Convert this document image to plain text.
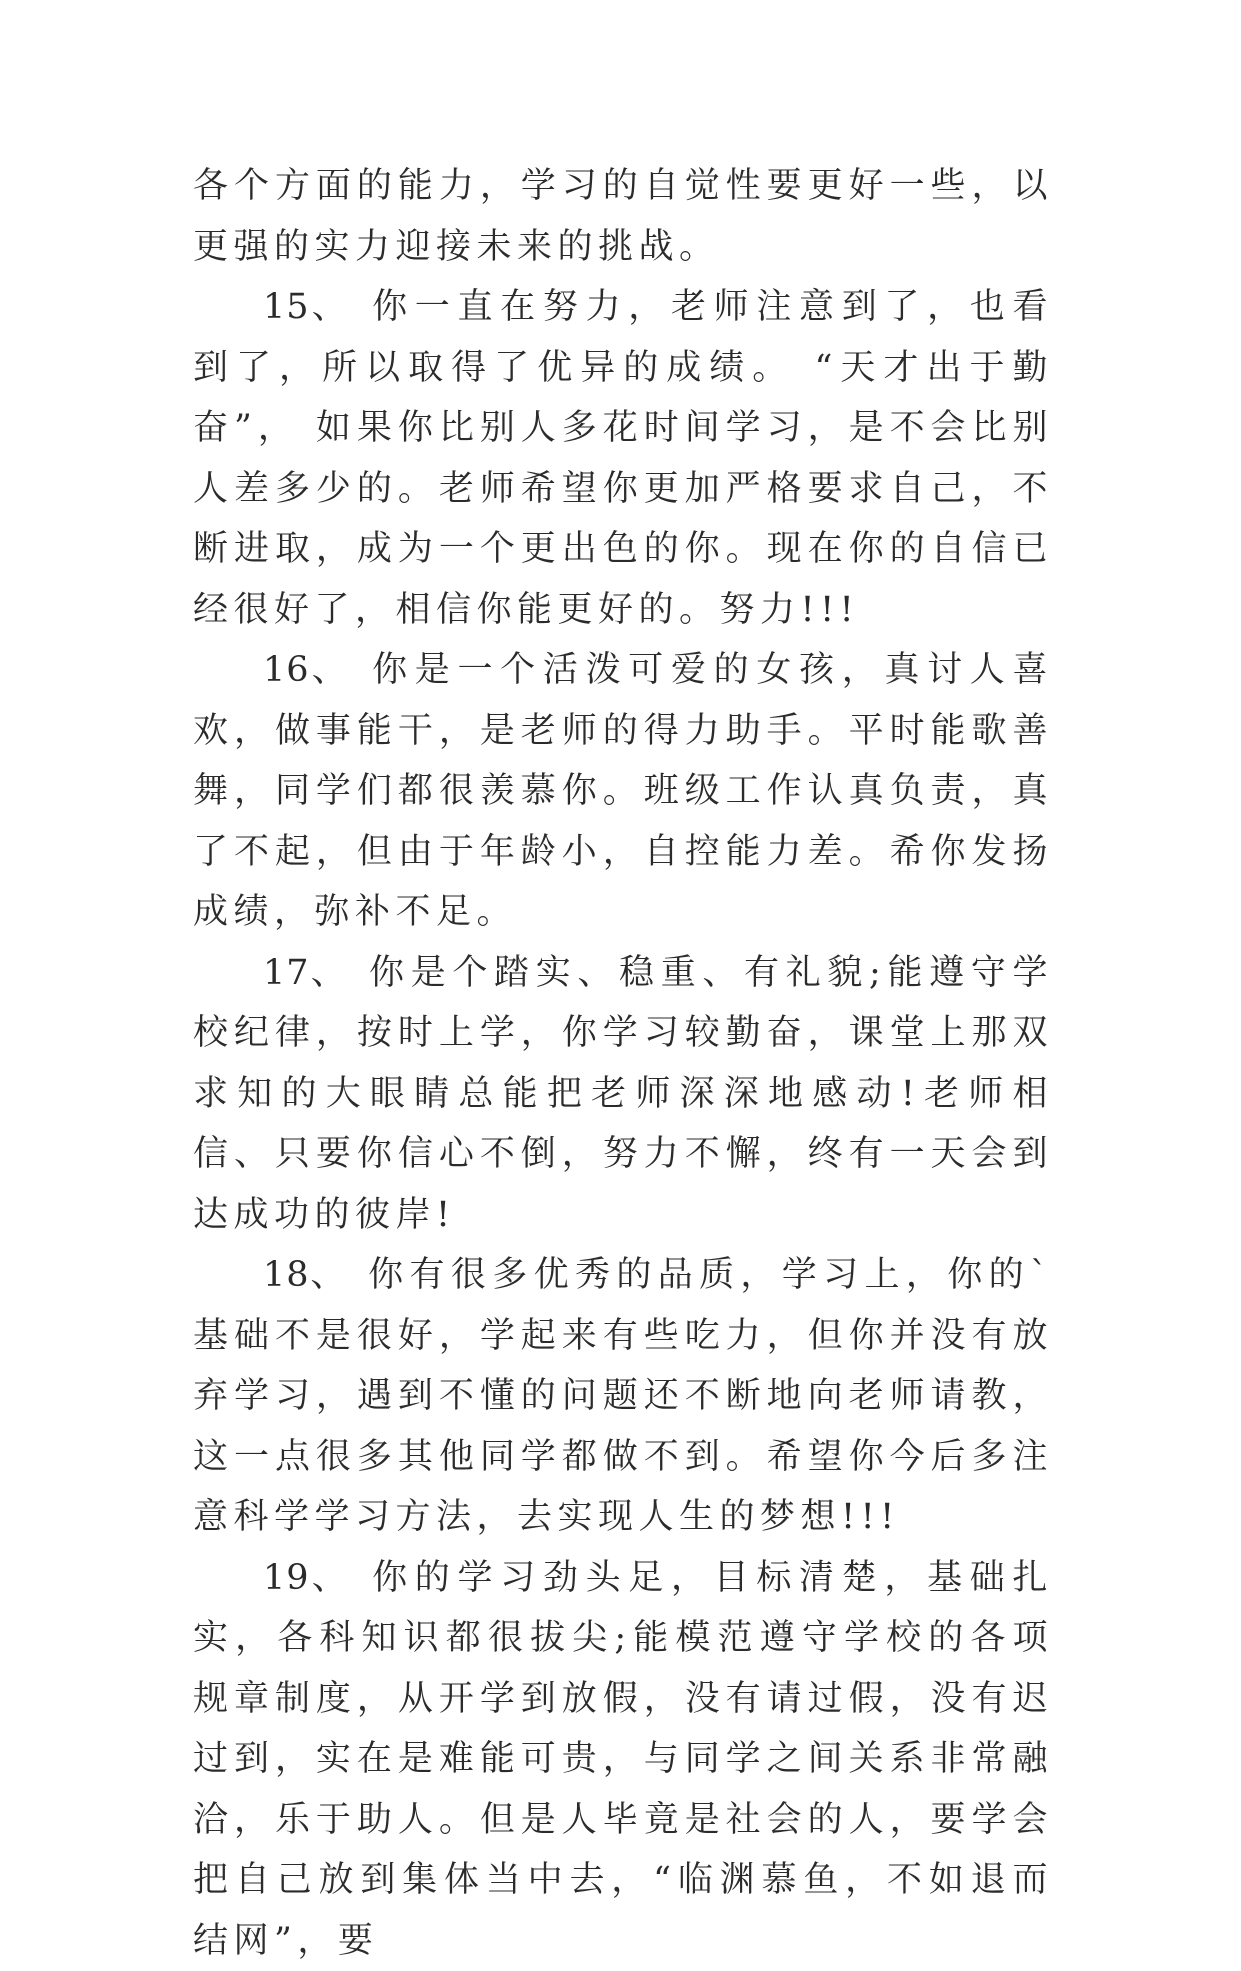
各个方面的能力，学习的自觉性要更好一些，以更强的实力迎接未来的挑战。

15、 你一直在努力，老师注意到了，也看到了，所以取得了优异的成绩。 “天才出于勤奋”， 如果你比别人多花时间学习，是不会比别人差多少的。老师希望你更加严格要求自己，不断进取，成为一个更出色的你。现在你的自信已经很好了，相信你能更好的。努力!!!

16、 你是一个活泼可爱的女孩，真讨人喜欢，做事能干，是老师的得力助手。平时能歌善舞，同学们都很羡慕你。班级工作认真负责，真了不起，但由于年龄小，自控能力差。希你发扬成绩，弥补不足。

17、 你是个踏实、稳重、有礼貌;能遵守学校纪律，按时上学，你学习较勤奋，课堂上那双求知的大眼睛总能把老师深深地感动!老师相信、只要你信心不倒，努力不懈，终有一天会到达成功的彼岸!

18、 你有很多优秀的品质，学习上，你的`基础不是很好，学起来有些吃力，但你并没有放弃学习，遇到不懂的问题还不断地向老师请教，这一点很多其他同学都做不到。希望你今后多注意科学学习方法，去实现人生的梦想!!!

19、 你的学习劲头足，目标清楚，基础扎实，各科知识都很拔尖;能模范遵守学校的各项规章制度，从开学到放假，没有请过假，没有迟过到，实在是难能可贵，与同学之间关系非常融洽，乐于助人。但是人毕竟是社会的人，要学会把自己放到集体当中去，“临渊慕鱼，不如退而结网”，要
